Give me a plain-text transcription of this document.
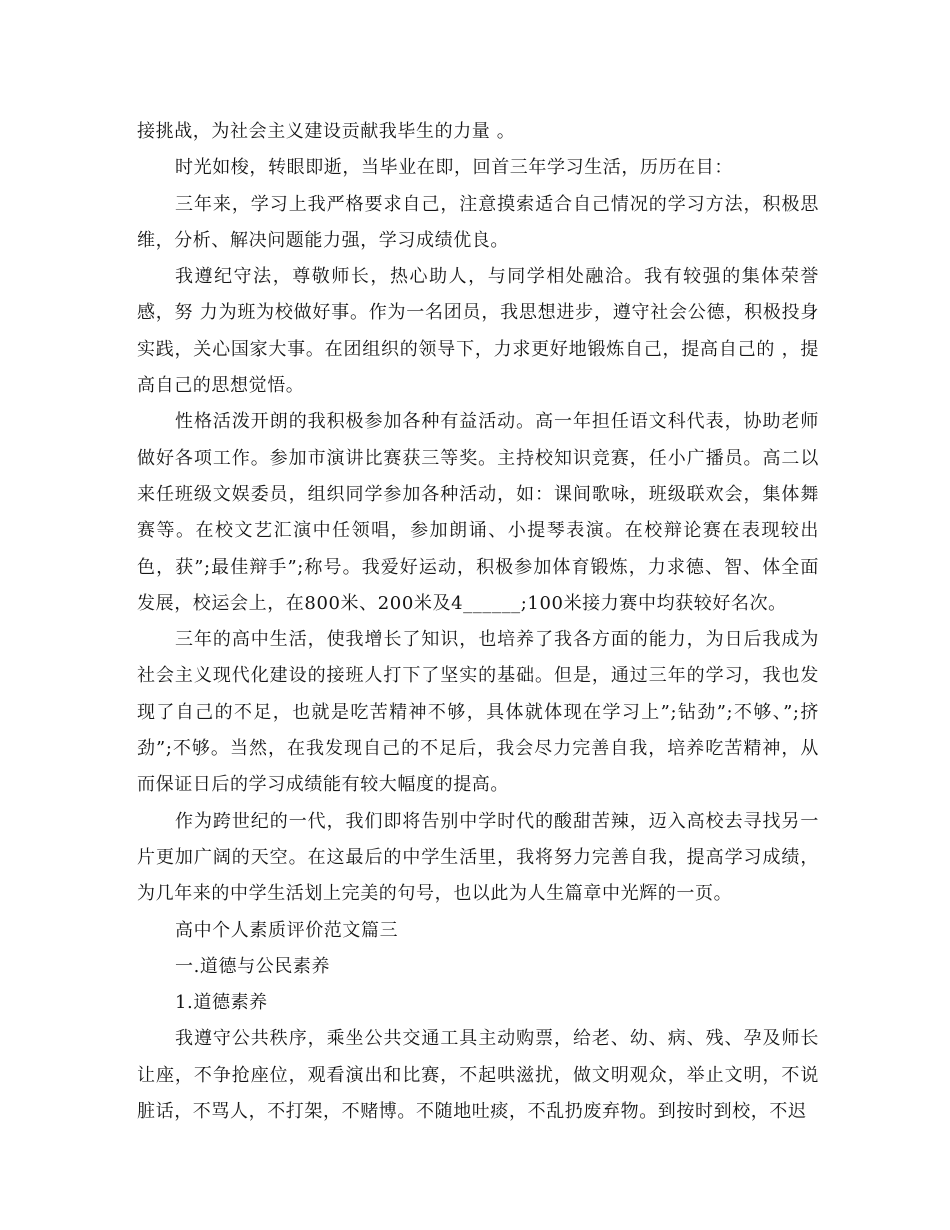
接挑战，为社会主义建设贡献我毕生的力量 。

时光如梭，转眼即逝，当毕业在即，回首三年学习生活，历历在目：

三年来，学习上我严格要求自己，注意摸索适合自己情况的学习方法，积极思维，分析、解决问题能力强，学习成绩优良。

我遵纪守法，尊敬师长，热心助人，与同学相处融洽。我有较强的集体荣誉感，努 力为班为校做好事。作为一名团员，我思想进步，遵守社会公德，积极投身实践，关心国家大事。在团组织的领导下，力求更好地锻炼自己，提高自己的 ，提高自己的思想觉悟。

性格活泼开朗的我积极参加各种有益活动。高一年担任语文科代表，协助老师做好各项工作。参加市演讲比赛获三等奖。主持校知识竞赛，任小广播员。高二以来任班级文娱委员，组织同学参加各种活动，如：课间歌咏，班级联欢会，集体舞赛等。在校文艺汇演中任领唱，参加朗诵、小提琴表演。在校辩论赛在表现较出色，获”;最佳辩手”;称号。我爱好运动，积极参加体育锻炼，力求德、智、体全面发展，校运会上，在800米、200米及4______;100米接力赛中均获较好名次。

三年的高中生活，使我增长了知识，也培养了我各方面的能力，为日后我成为社会主义现代化建设的接班人打下了坚实的基础。但是，通过三年的学习，我也发现了自己的不足，也就是吃苦精神不够，具体就体现在学习上”;钻劲”;不够、”;挤劲”;不够。当然，在我发现自己的不足后，我会尽力完善自我，培养吃苦精神，从而保证日后的学习成绩能有较大幅度的提高。

作为跨世纪的一代，我们即将告别中学时代的酸甜苦辣，迈入高校去寻找另一片更加广阔的天空。在这最后的中学生活里，我将努力完善自我，提高学习成绩，为几年来的中学生活划上完美的句号，也以此为人生篇章中光辉的一页。

高中个人素质评价范文篇三

一.道德与公民素养

1.道德素养

我遵守公共秩序，乘坐公共交通工具主动购票，给老、幼、病、残、孕及师长让座，不争抢座位，观看演出和比赛，不起哄滋扰，做文明观众，举止文明，不说脏话，不骂人，不打架，不赌博。不随地吐痰，不乱扔废弃物。到按时到校，不迟
